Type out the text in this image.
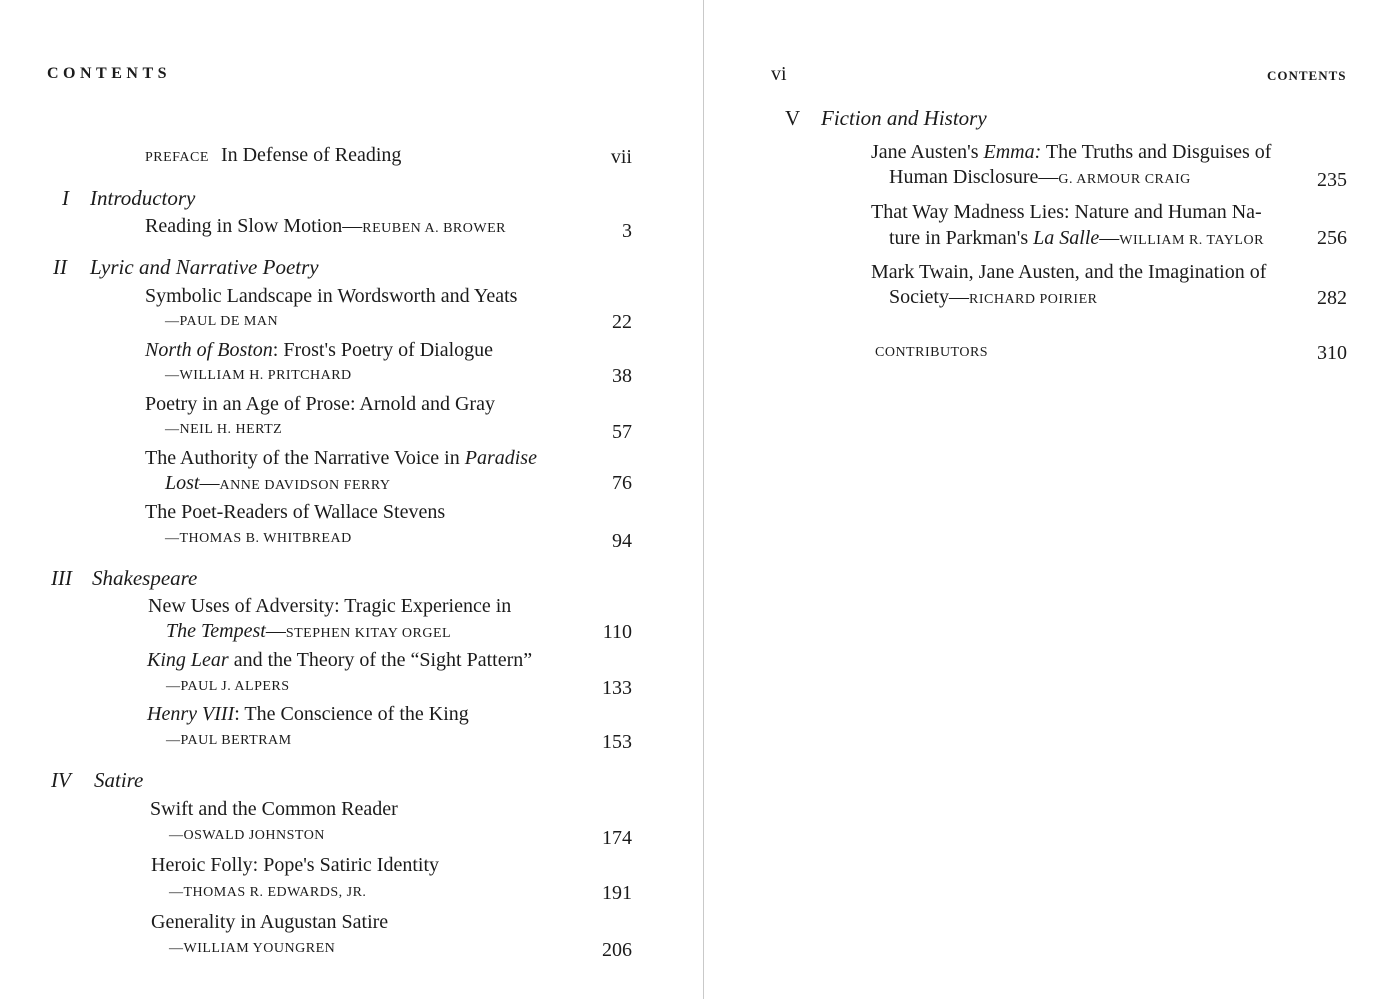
CONTENTS
PREFACE In Defense of Reading	vii
I Introductory
Reading in Slow Motion—REUBEN A. BROWER	3
II Lyric and Narrative Poetry
Symbolic Landscape in Wordsworth and Yeats
—PAUL DE MAN	22
North of Boston: Frost's Poetry of Dialogue
—WILLIAM H. PRITCHARD	38
Poetry in an Age of Prose: Arnold and Gray
—NEIL H. HERTZ	57
The Authority of the Narrative Voice in Paradise
Lost—ANNE DAVIDSON FERRY	76
The Poet-Readers of Wallace Stevens
—THOMAS B. WHITBREAD	94
III Shakespeare
New Uses of Adversity: Tragic Experience in
The Tempest—STEPHEN KITAY ORGEL	110
King Lear and the Theory of the “Sight Pattern”
—PAUL J. ALPERS	133
Henry VIII: The Conscience of the King
—PAUL BERTRAM	153
IV Satire
Swift and the Common Reader
—OSWALD JOHNSTON	174
Heroic Folly: Pope's Satiric Identity
—THOMAS R. EDWARDS, JR.	191
Generality in Augustan Satire
—WILLIAM YOUNGREN	206
vi	CONTENTS
V Fiction and History
Jane Austen's Emma: The Truths and Disguises of
Human Disclosure—G. ARMOUR CRAIG	235
That Way Madness Lies: Nature and Human Na-
ture in Parkman's La Salle—WILLIAM R. TAYLOR	256
Mark Twain, Jane Austen, and the Imagination of
Society—RICHARD POIRIER	282
CONTRIBUTORS	310
